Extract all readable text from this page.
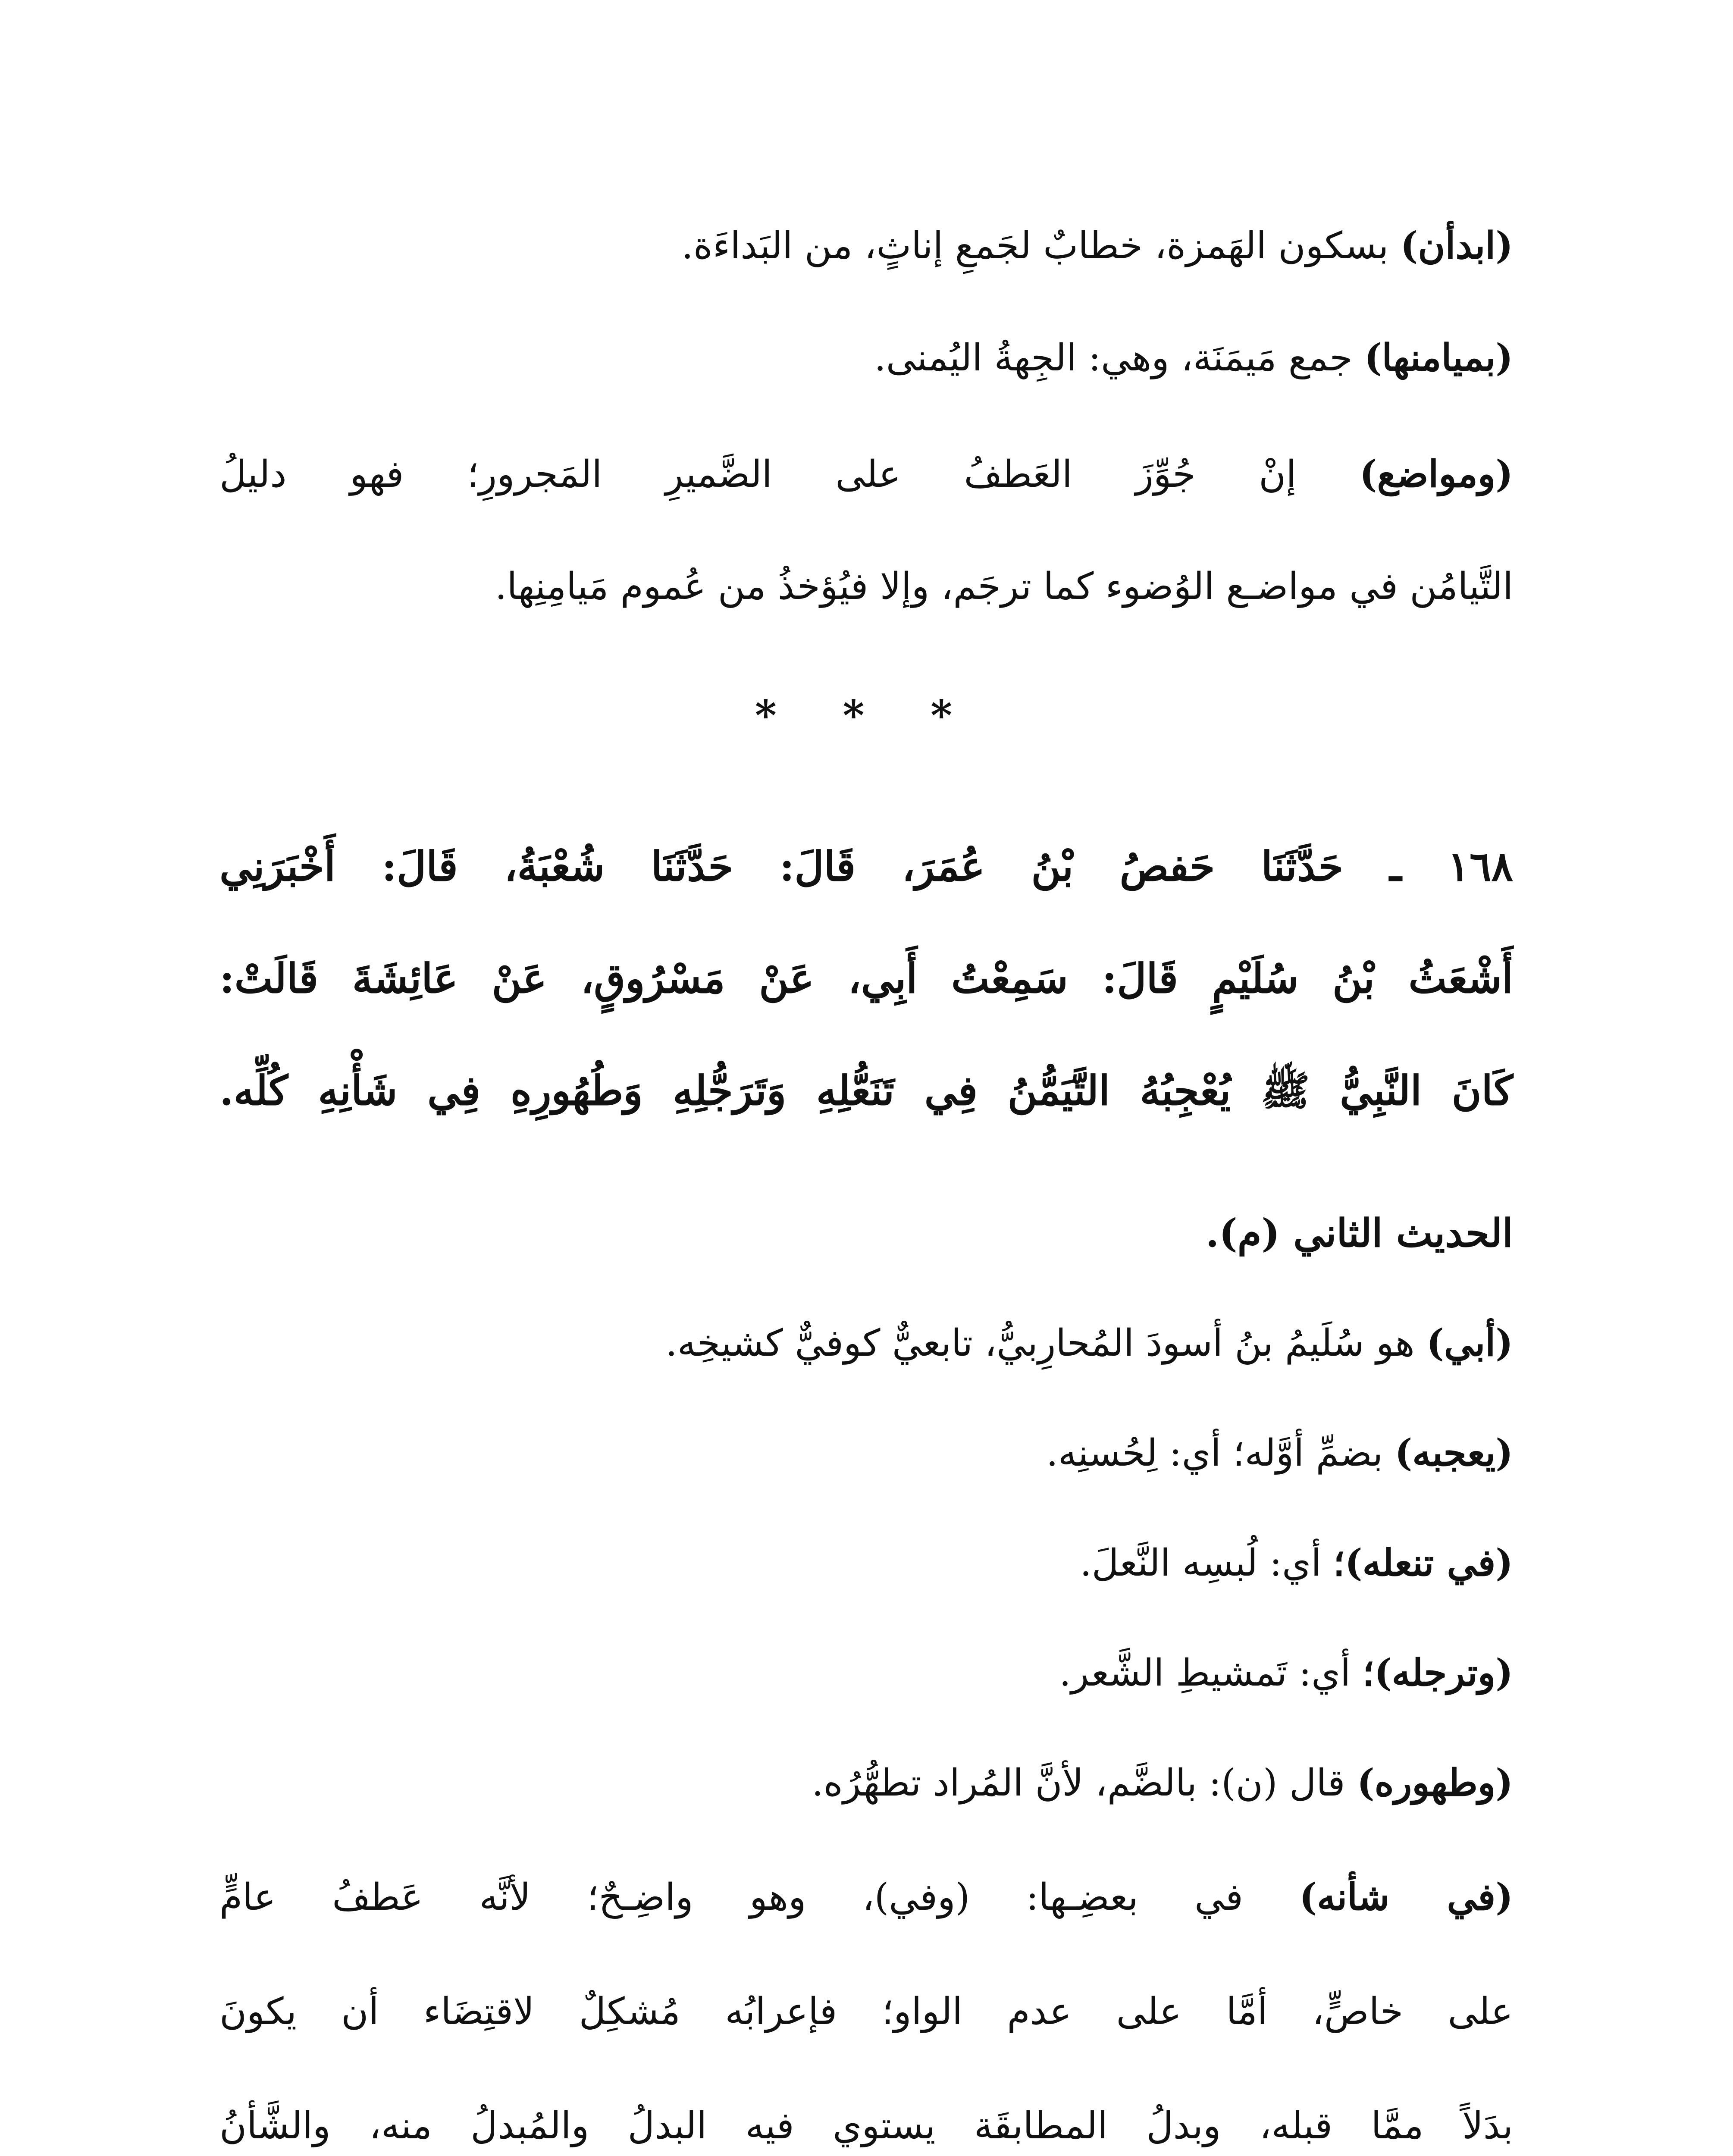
(ابدأن) بسكون الهَمزة، خطابٌ لجَمعِ إناثٍ، من البَداءَة.
(بميامنها) جمع مَيمَنَة، وهي: الجِهةُ اليُمنى.
(ومواضع) إنْ جُوِّزَ العَطفُ على الضَّميرِ المَجرورِ؛ فهو دليلُ
التَّيامُن في مواضـع الوُضوء كما ترجَم، وإلا فيُؤخذُ من عُموم مَيامِنِها.
* * *
١٦٨ ـ حَدَّثَنَا حَفصُ بْنُ عُمَرَ، قَالَ: حَدَّثَنَا شُعْبَةُ، قَالَ: أَخْبَرَنِي
أَشْعَثُ بْنُ سُلَيْمٍ قَالَ: سَمِعْتُ أَبِي، عَنْ مَسْرُوقٍ، عَنْ عَائِشَةَ قَالَتْ:
كَانَ النَّبِيُّ ﷺ يُعْجِبُهُ التَّيَمُّنُ فِي تَنَعُّلِهِ وَتَرَجُّلِهِ وَطُهُورِهِ فِي شَأْنِهِ كُلِّه.
الحديث الثاني (م).
(أبي) هو سُلَيمُ بنُ أسودَ المُحارِبيُّ، تابعيٌّ كوفيٌّ كشيخِه.
(يعجبه) بضمِّ أوَّله؛ أي: لِحُسنِه.
(في تنعله)؛ أي: لُبسِه النَّعلَ.
(وترجله)؛ أي: تَمشيطِ الشَّعر.
(وطهوره) قال (ن): بالضَّم، لأنَّ المُراد تطهُّرُه.
(في شأنه) في بعضِـها: (وفي)، وهو واضِـحٌ؛ لأنَّه عَطفُ عامٍّ
على خاصٍّ، أمَّا على عدم الواو؛ فإعرابُه مُشكِلٌ لاقتِضَاء أن يكونَ
بدَلاً ممَّا قبله، وبدلُ المطابقَة يستوي فيه البدلُ والمُبدلُ منه، والشَّأنُ
